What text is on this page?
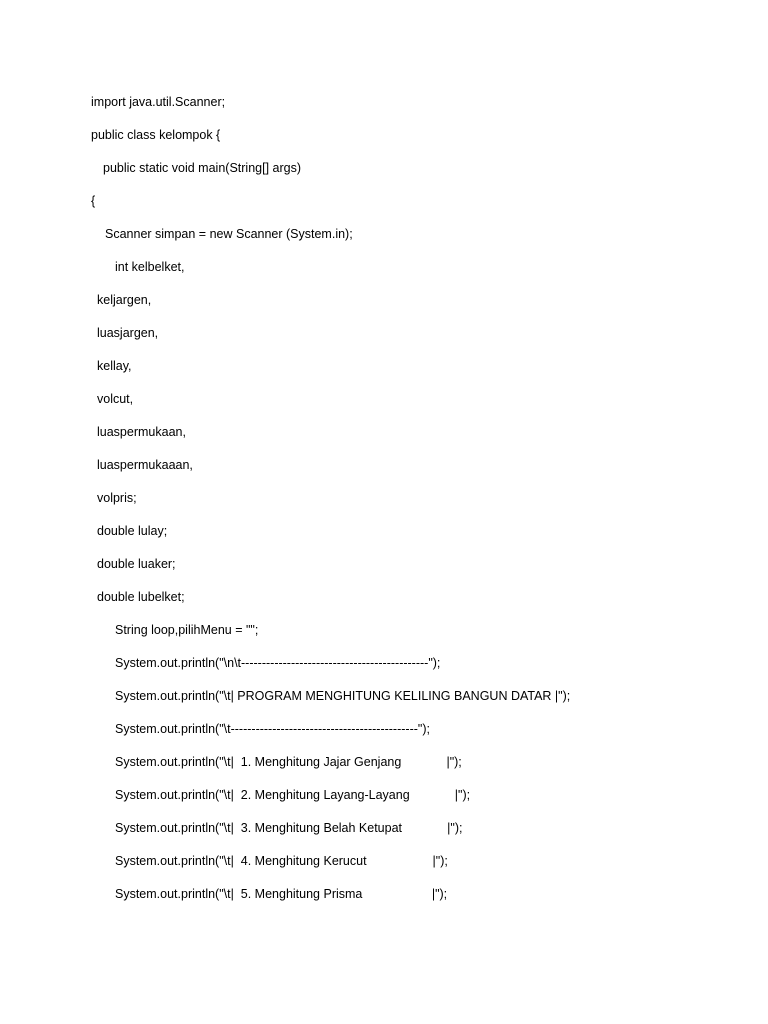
import java.util.Scanner;

public class kelompok {

public static void main(String[] args)

{

Scanner simpan = new Scanner (System.in);

int kelbelket,

keljargen,

luasjargen,

kellay,

volcut,

luaspermukaan,

luaspermukaaan,

volpris;

double lulay;

double luaker;

double lubelket;

String loop,pilihMenu = "";

System.out.println("\n\t---------------------------------------------");

System.out.println("\t| PROGRAM MENGHITUNG KELILING BANGUN DATAR |");

System.out.println("\t---------------------------------------------");

System.out.println("\t|  1. Menghitung Jajar Genjang             |");

System.out.println("\t|  2. Menghitung Layang-Layang             |");

System.out.println("\t|  3. Menghitung Belah Ketupat             |");

System.out.println("\t|  4. Menghitung Kerucut                   |");

System.out.println("\t|  5. Menghitung Prisma                    |");
